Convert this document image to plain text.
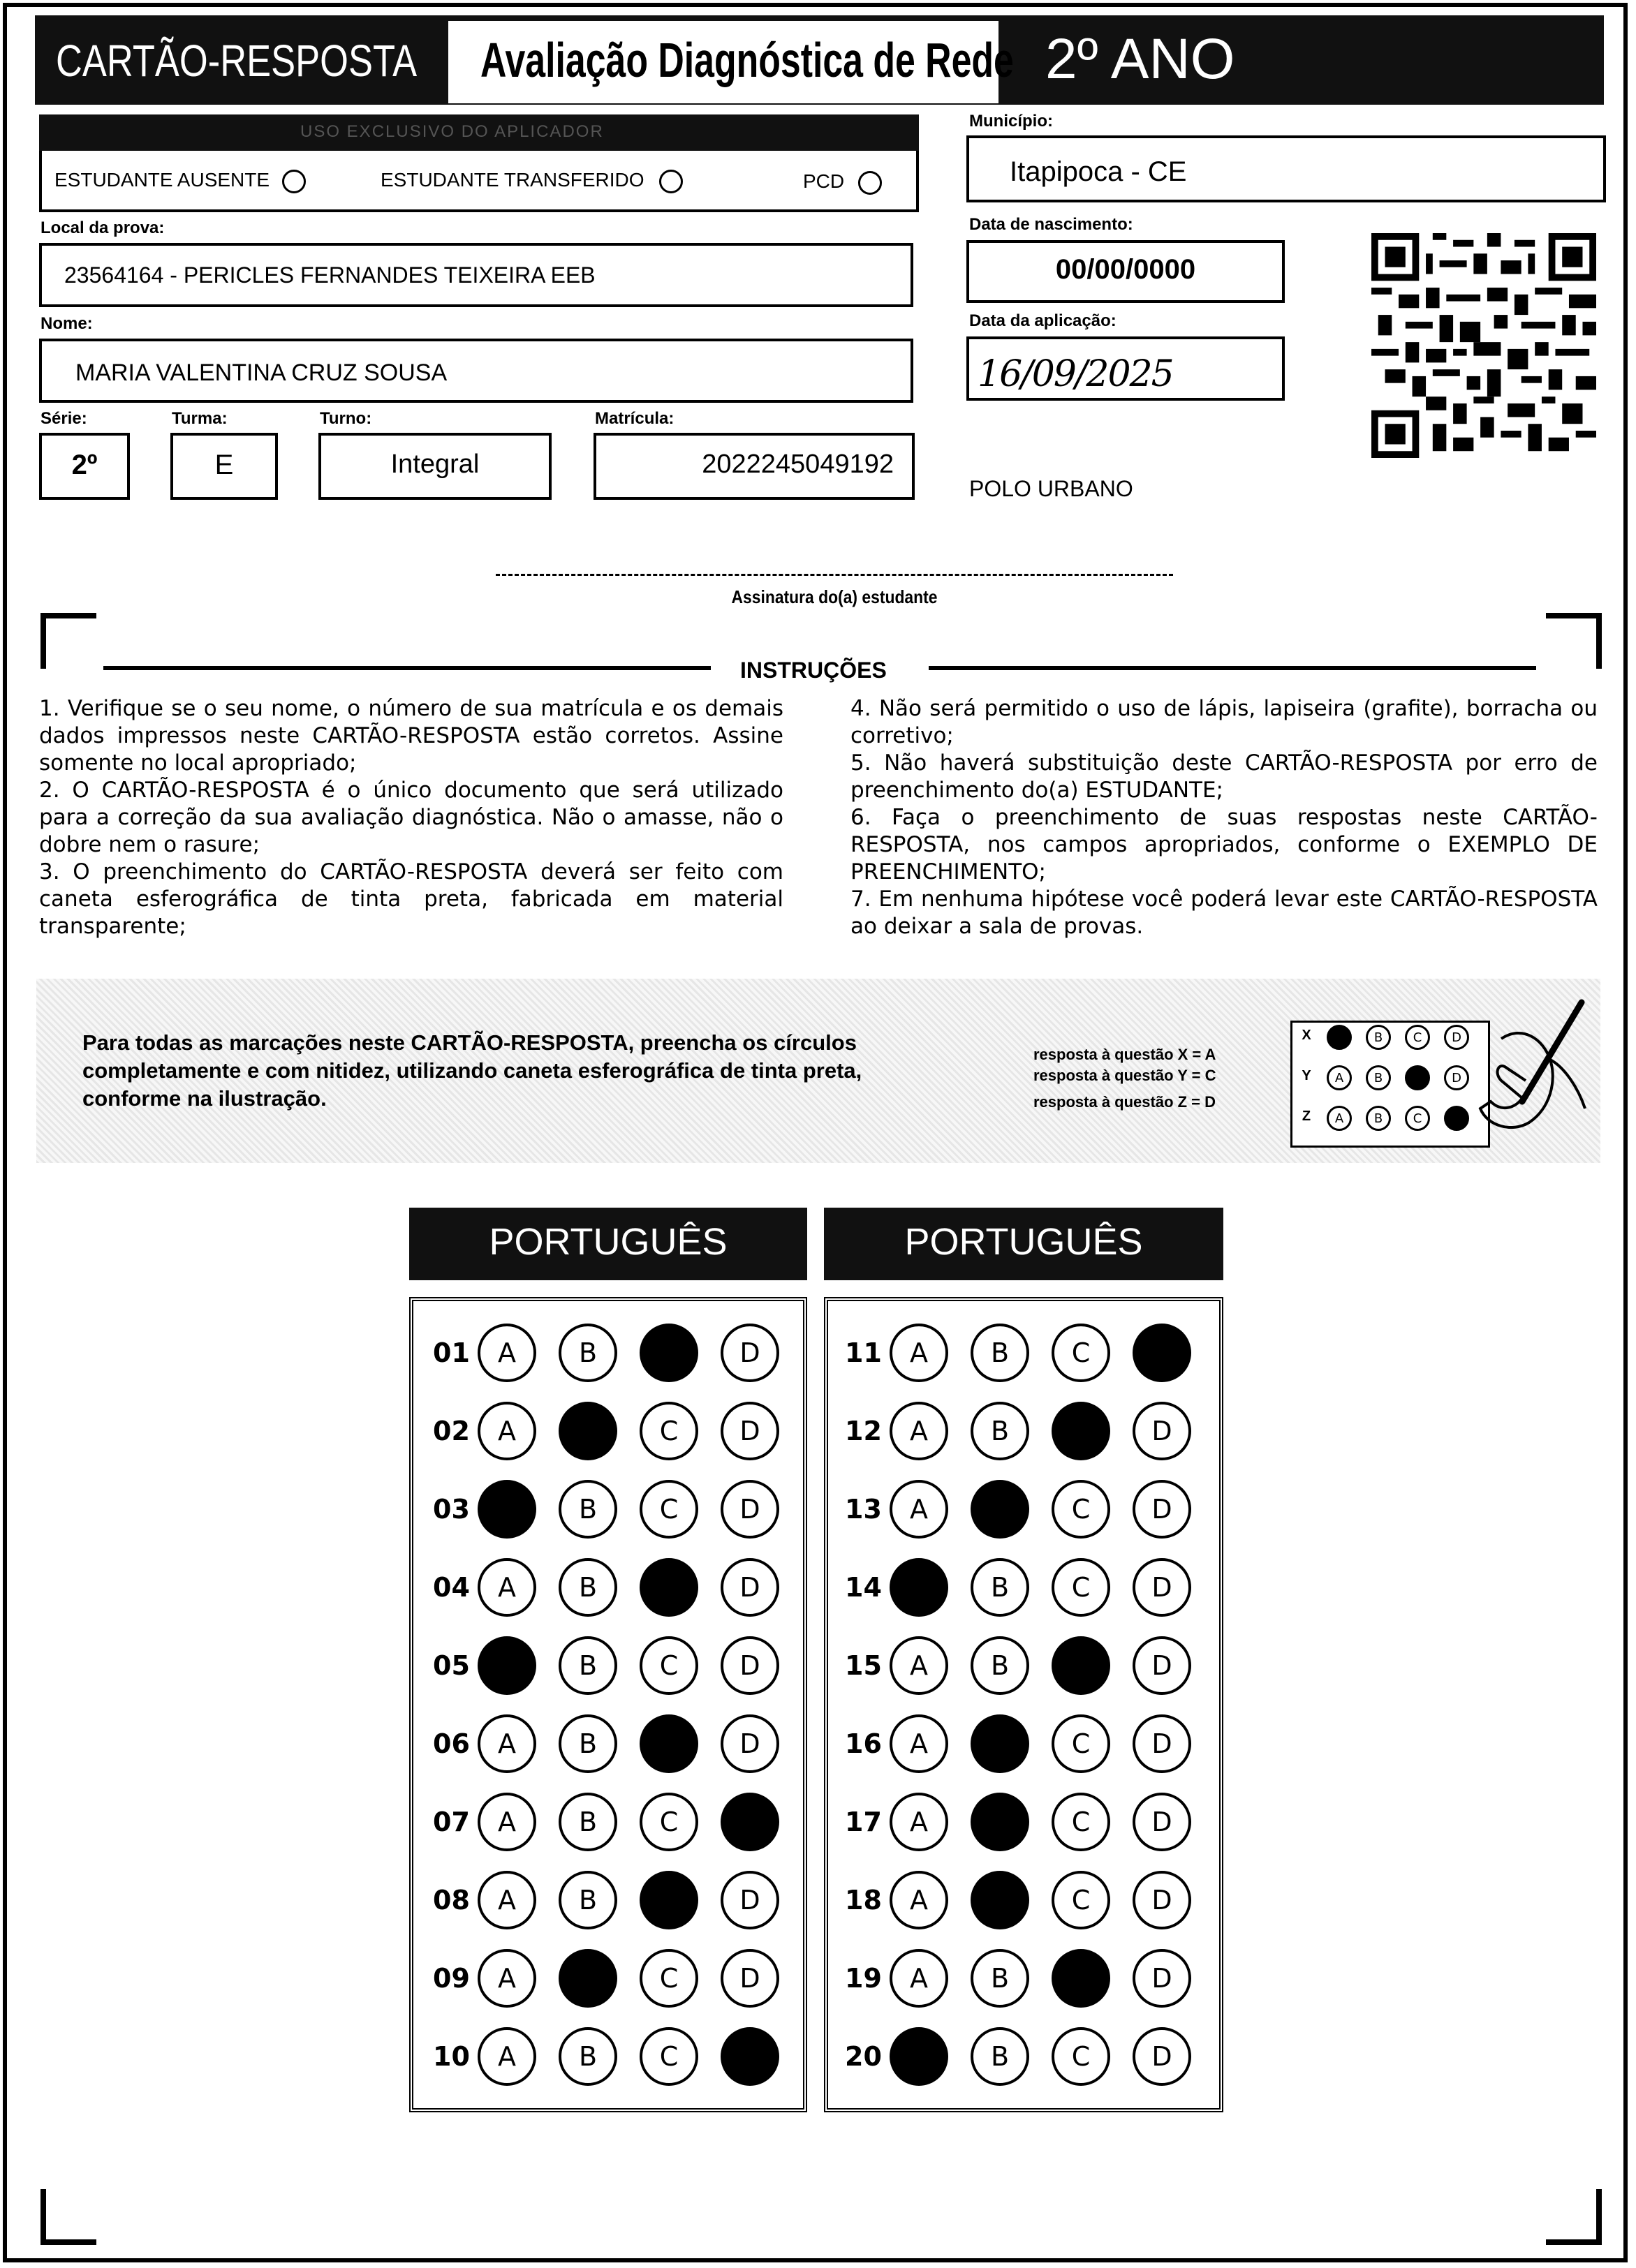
CARTÃO-RESPOSTA Avaliação Diagnóstica de Rede 2º ANO
USO EXCLUSIVO DO APLICADOR
ESTUDANTE AUSENTE	ESTUDANTE TRANSFERIDO	PCD
Local da prova:
23564164 - PERICLES FERNANDES TEIXEIRA EEB
Nome:
MARIA VALENTINA CRUZ SOUSA
Série:
2º
Turma:
E
Turno:
Integral
Matrícula:
2022245049192
Município:
Itapipoca - CE
Data de nascimento:
00/00/0000
Data da aplicação:
16/09/2025
POLO URBANO
Assinatura do(a) estudante
INSTRUÇÕES

1. Verifique se o seu nome, o número de sua matrícula e os demais dados impressos neste CARTÃO-RESPOSTA estão corretos. Assine somente no local apropriado;

2. O CARTÃO-RESPOSTA é o único documento que será utilizado para a correção da sua avaliação diagnóstica. Não o amasse, não o dobre nem o rasure;

3. O preenchimento do CARTÃO-RESPOSTA deverá ser feito com caneta esferográfica de tinta preta, fabricada em material transparente;

4. Não será permitido o uso de lápis, lapiseira (grafite), borracha ou corretivo;

5. Não haverá substituição deste CARTÃO-RESPOSTA por erro de preenchimento do(a) ESTUDANTE;

6. Faça o preenchimento de suas respostas neste CARTÃO-RESPOSTA, nos campos apropriados, conforme o EXEMPLO DE PREENCHIMENTO;

7. Em nenhuma hipótese você poderá levar este CARTÃO-RESPOSTA ao deixar a sala de provas.

Para todas as marcações neste CARTÃO-RESPOSTA, preencha os círculos completamente e com nitidez, utilizando caneta esferográfica de tinta preta, conforme na ilustração.
resposta à questão X = A
resposta à questão Y = C
resposta à questão Z = D
X	A	B	C	D
Y	A	B	C	D
Z	A	B	C	D
PORTUGUÊS	PORTUGUÊS
01	A	B	C	D
02	A	B	C	D
03	A	B	C	D
04	A	B	C	D
05	A	B	C	D
06	A	B	C	D
07	A	B	C	D
08	A	B	C	D
09	A	B	C	D
10	A	B	C	D
11	A	B	C	D
12	A	B	C	D
13	A	B	C	D
14	A	B	C	D
15	A	B	C	D
16	A	B	C	D
17	A	B	C	D
18	A	B	C	D
19	A	B	C	D
20	A	B	C	D
